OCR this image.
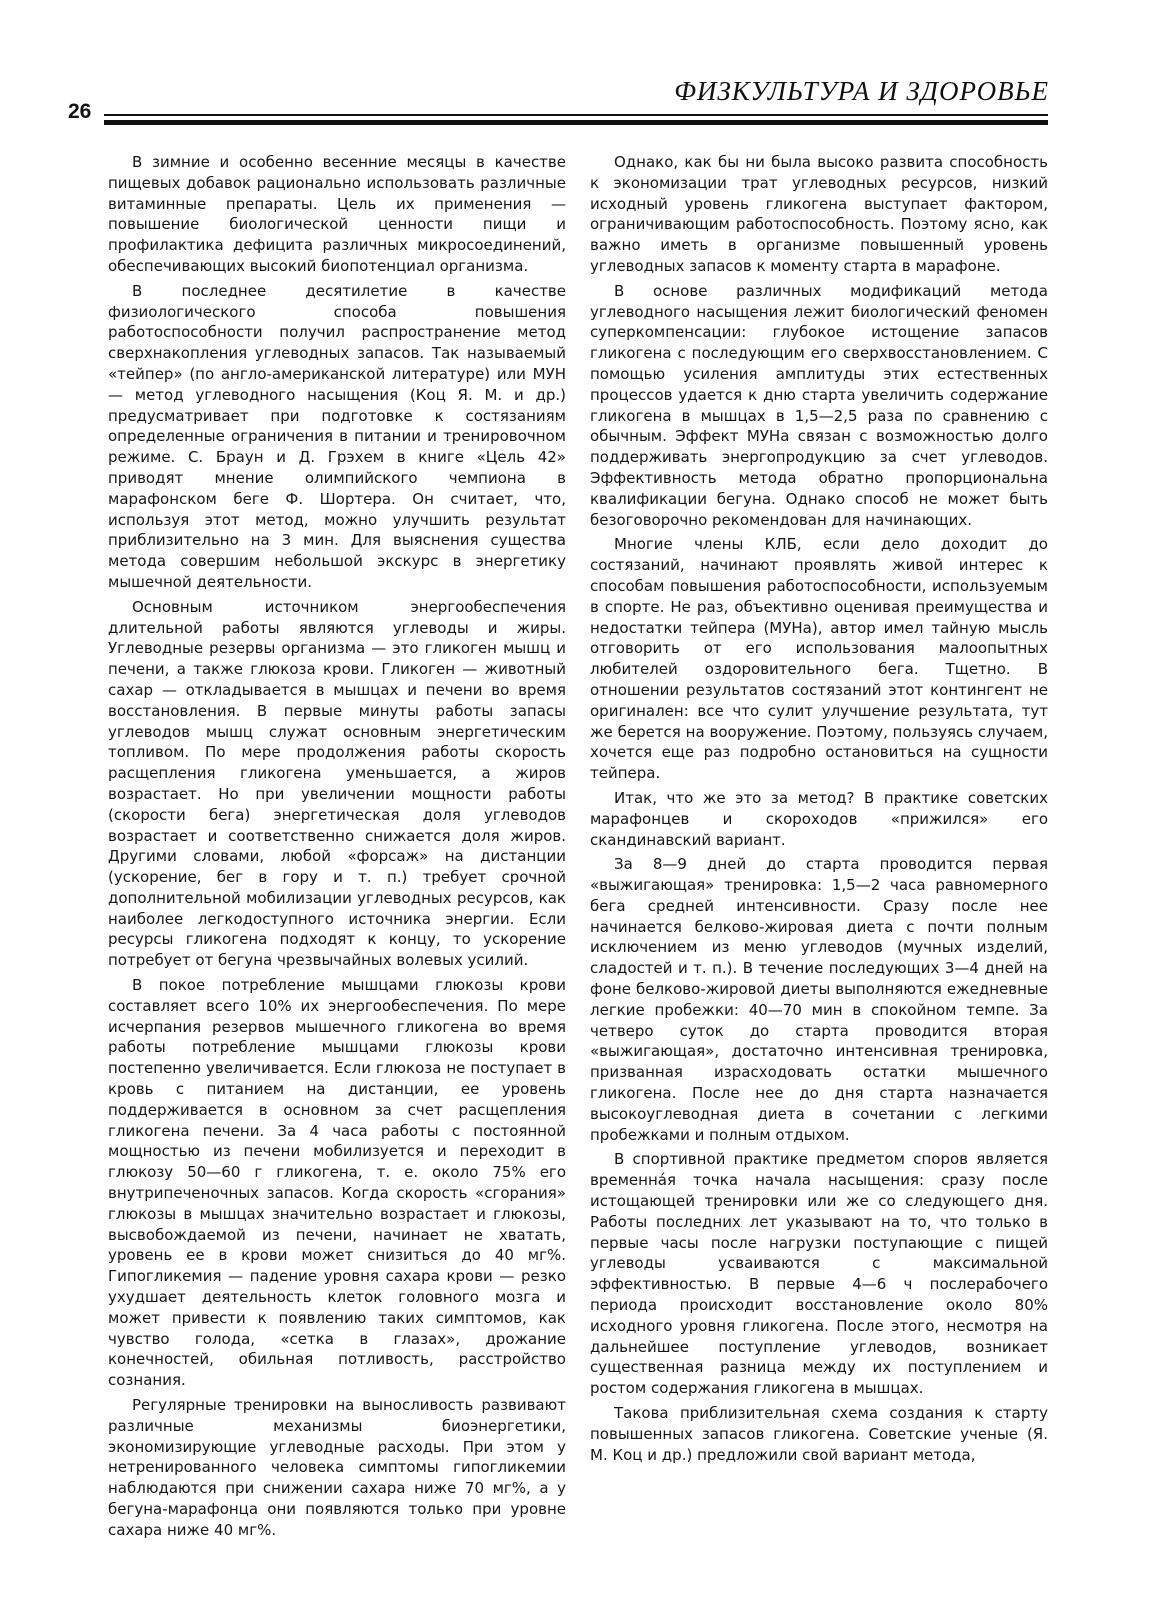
26
ФИЗКУЛЬТУРА И ЗДОРОВЬЕ

В зимние и особенно весенние месяцы в качестве пищевых добавок рационально использовать различные витаминные препараты. Цель их применения — повышение биологической ценности пищи и профилактика дефицита различных микросоединений, обеспечивающих высокий биопотенциал организма.

В последнее десятилетие в качестве физиологического способа повышения работоспособности получил распространение метод сверхнакопления углеводных запасов. Так называемый «тейпер» (по англо-американской литературе) или МУН — метод углеводного насыщения (Коц Я. М. и др.) предусматривает при подготовке к состязаниям определенные ограничения в питании и тренировочном режиме. С. Браун и Д. Грэхем в книге «Цель 42» приводят мнение олимпийского чемпиона в марафонском беге Ф. Шортера. Он считает, что, используя этот метод, можно улучшить результат приблизительно на 3 мин. Для выяснения существа метода совершим небольшой экскурс в энергетику мышечной деятельности.

Основным источником энергообеспечения длительной работы являются углеводы и жиры. Углеводные резервы организма — это гликоген мышц и печени, а также глюкоза крови. Гликоген — животный сахар — откладывается в мышцах и печени во время восстановления. В первые минуты работы запасы углеводов мышц служат основным энергетическим топливом. По мере продолжения работы скорость расщепления гликогена уменьшается, а жиров возрастает. Но при увеличении мощности работы (скорости бега) энергетическая доля углеводов возрастает и соответственно снижается доля жиров. Другими словами, любой «форсаж» на дистанции (ускорение, бег в гору и т. п.) требует срочной дополнительной мобилизации углеводных ресурсов, как наиболее легкодоступного источника энергии. Если ресурсы гликогена подходят к концу, то ускорение потребует от бегуна чрезвычайных волевых усилий.

В покое потребление мышцами глюкозы крови составляет всего 10% их энергообеспечения. По мере исчерпания резервов мышечного гликогена во время работы потребление мышцами глюкозы крови постепенно увеличивается. Если глюкоза не поступает в кровь с питанием на дистанции, ее уровень поддерживается в основном за счет расщепления гликогена печени. За 4 часа работы с постоянной мощностью из печени мобилизуется и переходит в глюкозу 50—60 г гликогена, т. е. около 75% его внутрипеченочных запасов. Когда скорость «сгорания» глюкозы в мышцах значительно возрастает и глюкозы, высвобождаемой из печени, начинает не хватать, уровень ее в крови может снизиться до 40 мг%. Гипогликемия — падение уровня сахара крови — резко ухудшает деятельность клеток головного мозга и может привести к появлению таких симптомов, как чувство голода, «сетка в глазах», дрожание конечностей, обильная потливость, расстройство сознания.

Регулярные тренировки на выносливость развивают различные механизмы биоэнергетики, экономизирующие углеводные расходы. При этом у нетренированного человека симптомы гипогликемии наблюдаются при снижении сахара ниже 70 мг%, а у бегуна-марафонца они появляются только при уровне сахара ниже 40 мг%.

Однако, как бы ни была высоко развита способность к экономизации трат углеводных ресурсов, низкий исходный уровень гликогена выступает фактором, ограничивающим работоспособность. Поэтому ясно, как важно иметь в организме повышенный уровень углеводных запасов к моменту старта в марафоне.

В основе различных модификаций метода углеводного насыщения лежит биологический феномен суперкомпенсации: глубокое истощение запасов гликогена с последующим его сверхвосстановлением. С помощью усиления амплитуды этих естественных процессов удается к дню старта увеличить содержание гликогена в мышцах в 1,5—2,5 раза по сравнению с обычным. Эффект МУНа связан с возможностью долго поддерживать энергопродукцию за счет углеводов. Эффективность метода обратно пропорциональна квалификации бегуна. Однако способ не может быть безоговорочно рекомендован для начинающих.

Многие члены КЛБ, если дело доходит до состязаний, начинают проявлять живой интерес к способам повышения работоспособности, используемым в спорте. Не раз, объективно оценивая преимущества и недостатки тейпера (МУНа), автор имел тайную мысль отговорить от его использования малоопытных любителей оздоровительного бега. Тщетно. В отношении результатов состязаний этот контингент не оригинален: все что сулит улучшение результата, тут же берется на вооружение. Поэтому, пользуясь случаем, хочется еще раз подробно остановиться на сущности тейпера.

Итак, что же это за метод? В практике советских марафонцев и скороходов «прижился» его скандинавский вариант.

За 8—9 дней до старта проводится первая «выжигающая» тренировка: 1,5—2 часа равномерного бега средней интенсивности. Сразу после нее начинается белково-жировая диета с почти полным исключением из меню углеводов (мучных изделий, сладостей и т. п.). В течение последующих 3—4 дней на фоне белково-жировой диеты выполняются ежедневные легкие пробежки: 40—70 мин в спокойном темпе. За четверо суток до старта проводится вторая «выжигающая», достаточно интенсивная тренировка, призванная израсходовать остатки мышечного гликогена. После нее до дня старта назначается высокоуглеводная диета в сочетании с легкими пробежками и полным отдыхом.

В спортивной практике предметом споров является временна́я точка начала насыщения: сразу после истощающей тренировки или же со следующего дня. Работы последних лет указывают на то, что только в первые часы после нагрузки поступающие с пищей углеводы усваиваются с максимальной эффективностью. В первые 4—6 ч послерабочего периода происходит восстановление около 80% исходного уровня гликогена. После этого, несмотря на дальнейшее поступление углеводов, возникает существенная разница между их поступлением и ростом содержания гликогена в мышцах.

Такова приблизительная схема создания к старту повышенных запасов гликогена. Советские ученые (Я. М. Коц и др.) предложили свой вариант метода,
